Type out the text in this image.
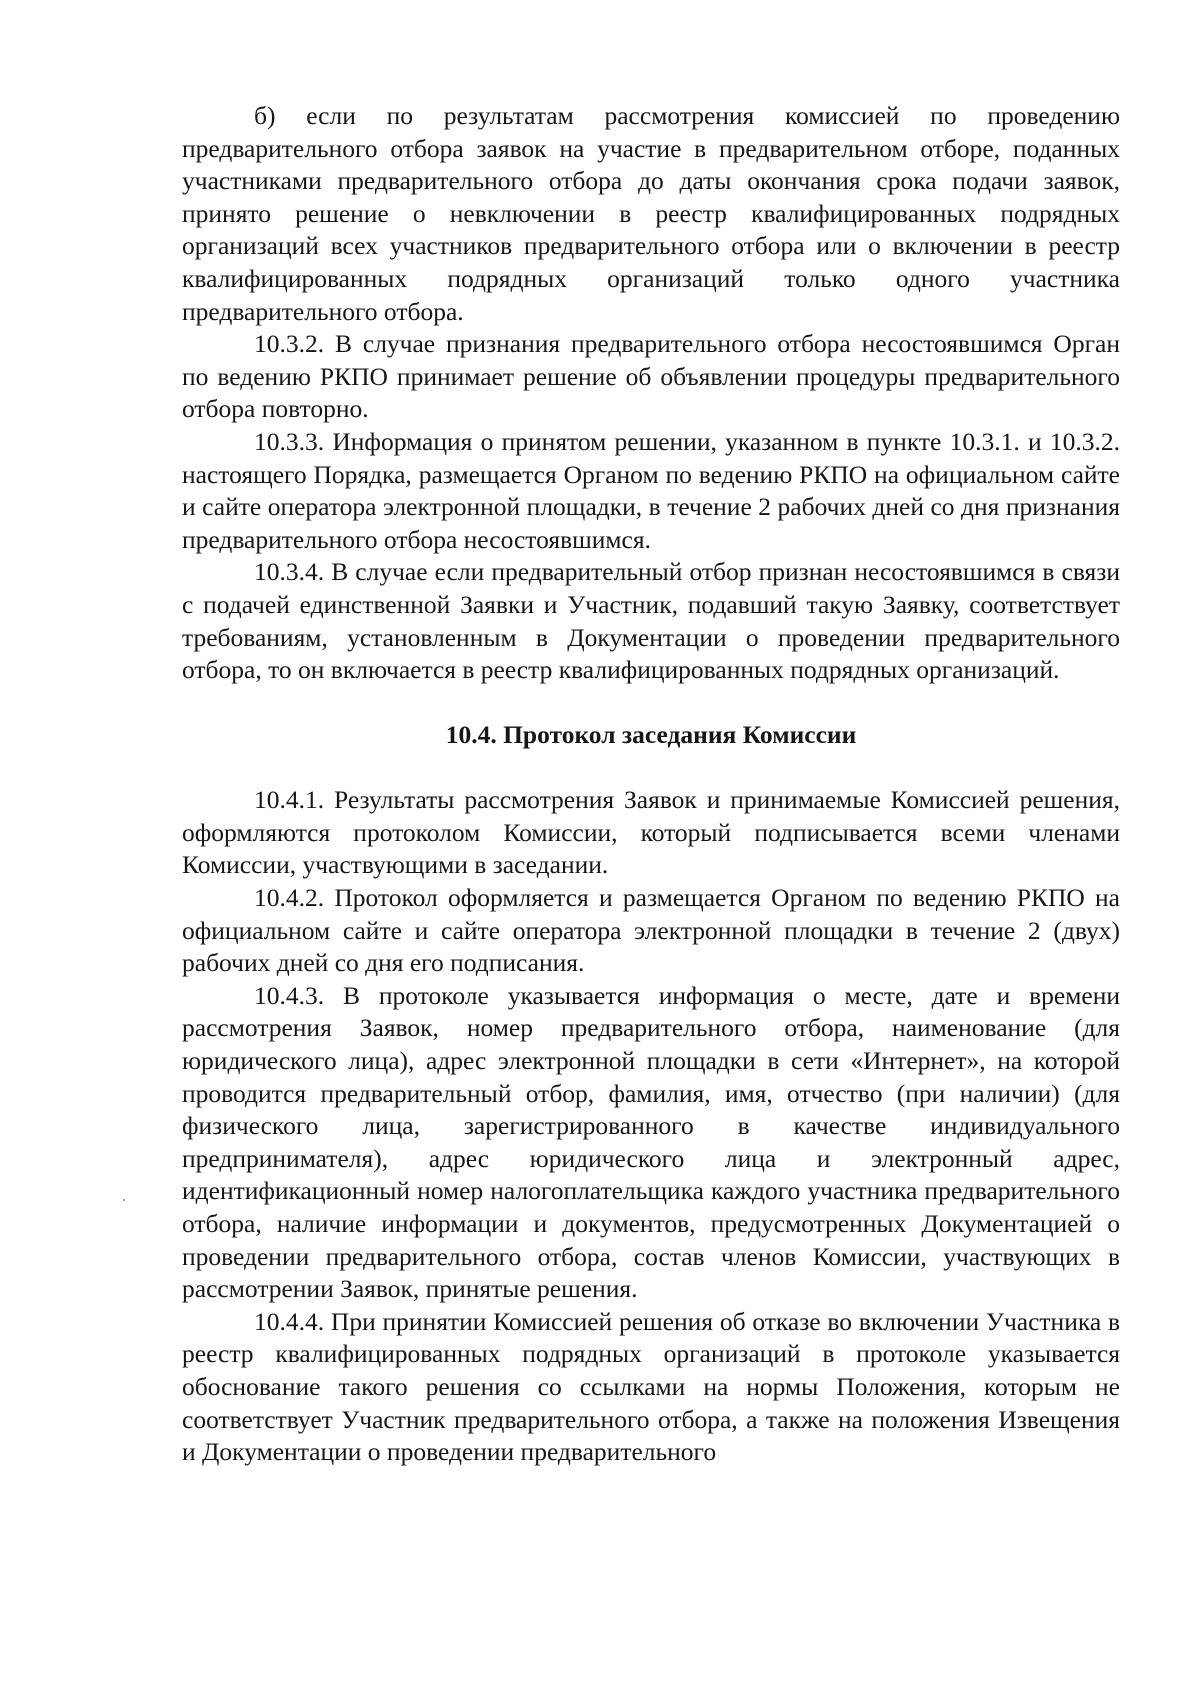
б) если по результатам рассмотрения комиссией по проведению предварительного отбора заявок на участие в предварительном отборе, поданных участниками предварительного отбора до даты окончания срока подачи заявок, принято решение о невключении в реестр квалифицированных подрядных организаций всех участников предварительного отбора или о включении в реестр квалифицированных подрядных организаций только одного участника предварительного отбора.

10.3.2. В случае признания предварительного отбора несостоявшимся Орган по ведению РКПО принимает решение об объявлении процедуры предварительного отбора повторно.

10.3.3. Информация о принятом решении, указанном в пункте 10.3.1. и 10.3.2. настоящего Порядка, размещается Органом по ведению РКПО на официальном сайте и сайте оператора электронной площадки, в течение 2 рабочих дней со дня признания предварительного отбора несостоявшимся.

10.3.4. В случае если предварительный отбор признан несостоявшимся в связи с подачей единственной Заявки и Участник, подавший такую Заявку, соответствует требованиям, установленным в Документации о проведении предварительного отбора, то он включается в реестр квалифицированных подрядных организаций.

10.4. Протокол заседания Комиссии

10.4.1. Результаты рассмотрения Заявок и принимаемые Комиссией решения, оформляются протоколом Комиссии, который подписывается всеми членами Комиссии, участвующими в заседании.

10.4.2. Протокол оформляется и размещается Органом по ведению РКПО на официальном сайте и сайте оператора электронной площадки в течение 2 (двух) рабочих дней со дня его подписания.

10.4.3. В протоколе указывается информация о месте, дате и времени рассмотрения Заявок, номер предварительного отбора, наименование (для юридического лица), адрес электронной площадки в сети «Интернет», на которой проводится предварительный отбор, фамилия, имя, отчество (при наличии) (для физического лица, зарегистрированного в качестве индивидуального предпринимателя), адрес юридического лица и электронный адрес, идентификационный номер налогоплательщика каждого участника предварительного отбора, наличие информации и документов, предусмотренных Документацией о проведении предварительного отбора, состав членов Комиссии, участвующих в рассмотрении Заявок, принятые решения.

10.4.4. При принятии Комиссией решения об отказе во включении Участника в реестр квалифицированных подрядных организаций в протоколе указывается обоснование такого решения со ссылками на нормы Положения, которым не соответствует Участник предварительного отбора, а также на положения Извещения и Документации о проведении предварительного
